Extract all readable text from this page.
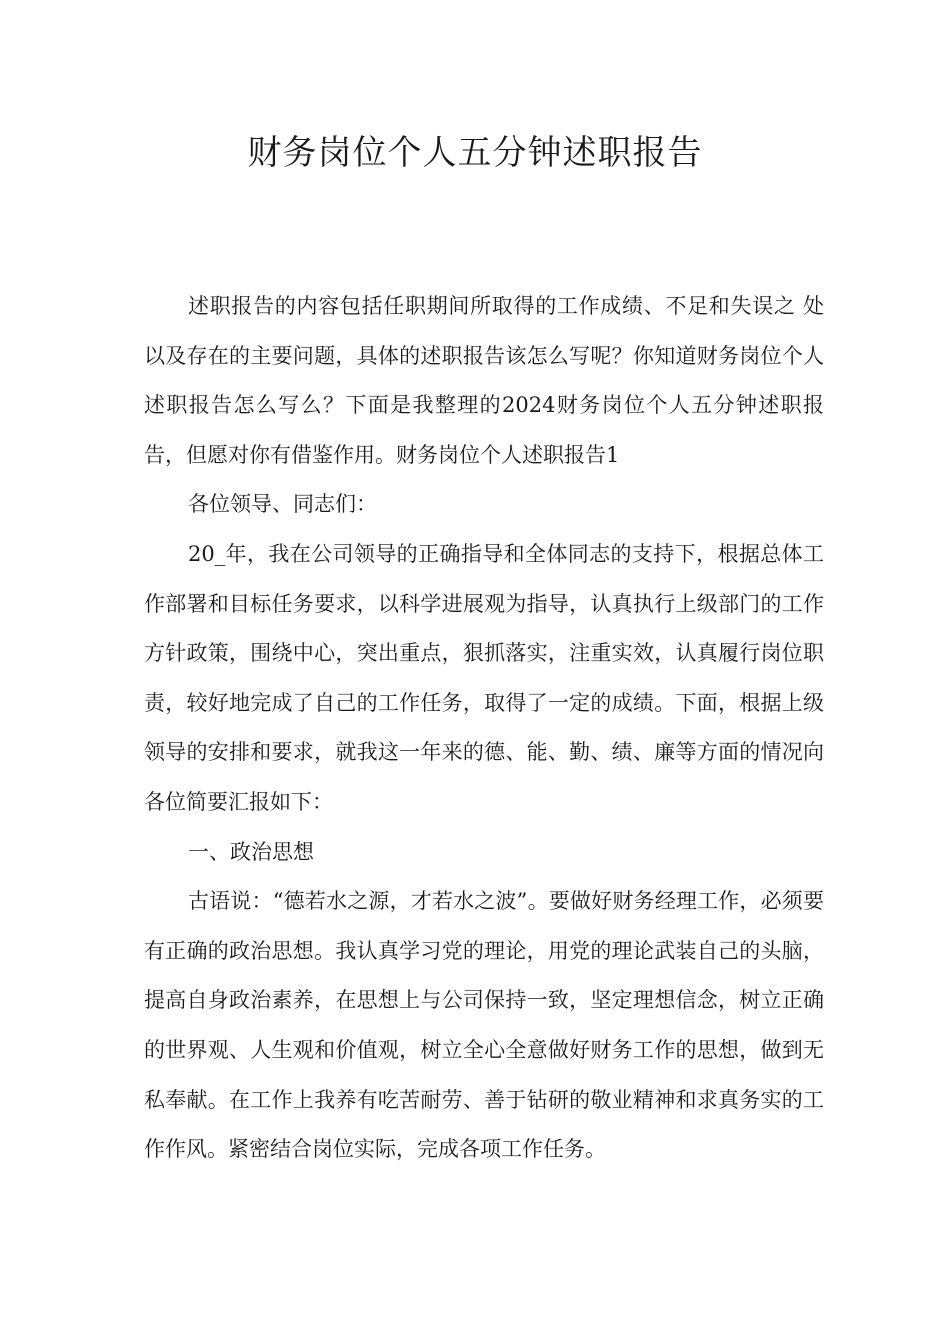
财务岗位个人五分钟述职报告

述职报告的内容包括任职期间所取得的工作成绩、不足和失误之 处以及存在的主要问题，具体的述职报告该怎么写呢？你知道财务岗位个人述职报告怎么写么？下面是我整理的2024财务岗位个人五分钟述职报告，但愿对你有借鉴作用。财务岗位个人述职报告1

各位领导、同志们：

20_年，我在公司领导的正确指导和全体同志的支持下，根据总体工作部署和目标任务要求，以科学进展观为指导，认真执行上级部门的工作方针政策，围绕中心，突出重点，狠抓落实，注重实效，认真履行岗位职责，较好地完成了自己的工作任务，取得了一定的成绩。下面，根据上级领导的安排和要求，就我这一年来的德、能、勤、绩、廉等方面的情况向各位简要汇报如下：

一、政治思想

古语说：“德若水之源，才若水之波”。要做好财务经理工作，必须要有正确的政治思想。我认真学习党的理论，用党的理论武装自己的头脑，提高自身政治素养，在思想上与公司保持一致，坚定理想信念，树立正确的世界观、人生观和价值观，树立全心全意做好财务工作的思想，做到无私奉献。在工作上我养有吃苦耐劳、善于钻研的敬业精神和求真务实的工作作风。紧密结合岗位实际，完成各项工作任务。
